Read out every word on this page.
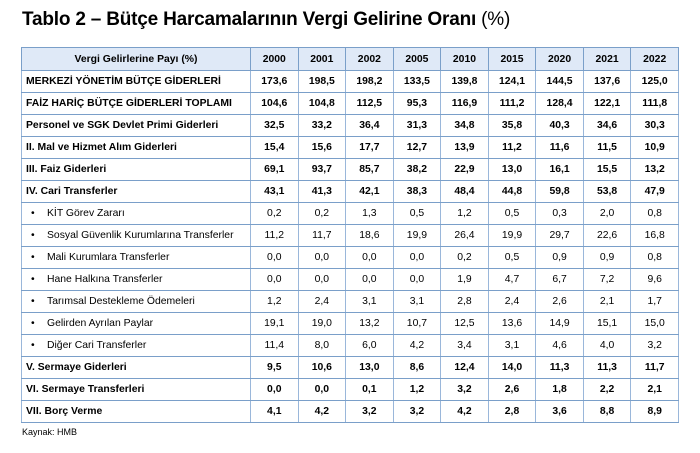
Tablo 2 – Bütçe Harcamalarının Vergi Gelirine Oranı (%)
Vergi Gelirlerine Payı (%)	2000	2001	2002	2005	2010	2015	2020	2021	2022
MERKEZİ YÖNETİM BÜTÇE GİDERLERİ	173,6	198,5	198,2	133,5	139,8	124,1	144,5	137,6	125,0
FAİZ HARİÇ BÜTÇE GİDERLERİ TOPLAMI	104,6	104,8	112,5	95,3	116,9	111,2	128,4	122,1	111,8
Personel ve SGK Devlet Primi Giderleri	32,5	33,2	36,4	31,3	34,8	35,8	40,3	34,6	30,3
II. Mal ve Hizmet Alım Giderleri	15,4	15,6	17,7	12,7	13,9	11,2	11,6	11,5	10,9
III. Faiz Giderleri	69,1	93,7	85,7	38,2	22,9	13,0	16,1	15,5	13,2
IV. Cari Transferler	43,1	41,3	42,1	38,3	48,4	44,8	59,8	53,8	47,9
• KİT Görev Zararı	0,2	0,2	1,3	0,5	1,2	0,5	0,3	2,0	0,8
• Sosyal Güvenlik Kurumlarına Transferler	11,2	11,7	18,6	19,9	26,4	19,9	29,7	22,6	16,8
• Mali Kurumlara Transferler	0,0	0,0	0,0	0,0	0,2	0,5	0,9	0,9	0,8
• Hane Halkına Transferler	0,0	0,0	0,0	0,0	1,9	4,7	6,7	7,2	9,6
• Tarımsal Destekleme Ödemeleri	1,2	2,4	3,1	3,1	2,8	2,4	2,6	2,1	1,7
• Gelirden Ayrılan Paylar	19,1	19,0	13,2	10,7	12,5	13,6	14,9	15,1	15,0
• Diğer Cari Transferler	11,4	8,0	6,0	4,2	3,4	3,1	4,6	4,0	3,2
V. Sermaye Giderleri	9,5	10,6	13,0	8,6	12,4	14,0	11,3	11,3	11,7
VI. Sermaye Transferleri	0,0	0,0	0,1	1,2	3,2	2,6	1,8	2,2	2,1
VII. Borç Verme	4,1	4,2	3,2	3,2	4,2	2,8	3,6	8,8	8,9
Kaynak: HMB
